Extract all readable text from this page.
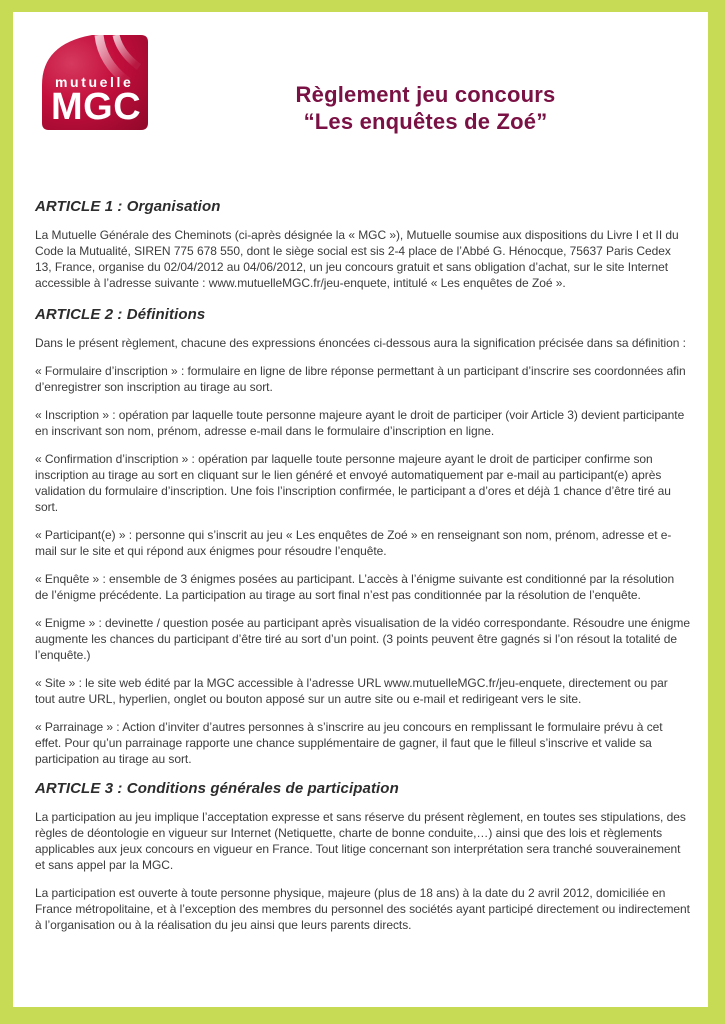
mutuelle
MGC	Règlement jeu concours
“Les enquêtes de Zoé”
ARTICLE 1 : Organisation

La Mutuelle Générale des Cheminots (ci-après désignée la « MGC »), Mutuelle soumise aux dispositions du Livre I et II du Code la Mutualité, SIREN 775 678 550, dont le siège social est sis 2-4 place de l’Abbé G. Hénocque, 75637 Paris Cedex 13, France, organise du 02/04/2012 au 04/06/2012, un jeu concours gratuit et sans obligation d’achat, sur le site Internet accessible à l’adresse suivante : www.mutuelleMGC.fr/jeu-enquete, intitulé « Les enquêtes de Zoé ».

ARTICLE 2 : Définitions

Dans le présent règlement, chacune des expressions énoncées ci-dessous aura la signification précisée dans sa définition :

« Formulaire d’inscription » : formulaire en ligne de libre réponse permettant à un participant d’inscrire ses coordonnées afin d’enregistrer son inscription au tirage au sort.

« Inscription » : opération par laquelle toute personne majeure ayant le droit de participer (voir Article 3) devient participante en inscrivant son nom, prénom, adresse e-mail dans le formulaire d’inscription en ligne.

« Confirmation d’inscription » : opération par laquelle toute personne majeure ayant le droit de participer confirme son inscription au tirage au sort en cliquant sur le lien généré et envoyé automatiquement par e-mail au participant(e) après validation du formulaire d’inscription. Une fois l’inscription confirmée, le participant a d’ores et déjà 1 chance d’être tiré au sort.

« Participant(e) » : personne qui s’inscrit au jeu « Les enquêtes de Zoé » en renseignant son nom, prénom, adresse et e-mail sur le site et qui répond aux énigmes pour résoudre l’enquête.

« Enquête » : ensemble de 3 énigmes posées au participant. L’accès à l’énigme suivante est conditionné par la résolution de l’énigme précédente. La participation au tirage au sort final n’est pas conditionnée par la résolution de l’enquête.

« Enigme » : devinette / question posée au participant après visualisation de la vidéo correspondante. Résoudre une énigme augmente les chances du participant d’être tiré au sort d’un point. (3 points peuvent être gagnés si l’on résout la totalité de l’enquête.)

« Site » : le site web édité par la MGC accessible à l’adresse URL www.mutuelleMGC.fr/jeu-enquete, directement ou par tout autre URL, hyperlien, onglet ou bouton apposé sur un autre site ou e-mail et redirigeant vers le site.

« Parrainage » : Action d’inviter d’autres personnes à s’inscrire au jeu concours en remplissant le formulaire prévu à cet effet. Pour qu’un parrainage rapporte une chance supplémentaire de gagner, il faut que le filleul s’inscrive et valide sa participation au tirage au sort.

ARTICLE 3 : Conditions générales de participation

La participation au jeu implique l’acceptation expresse et sans réserve du présent règlement, en toutes ses stipulations, des règles de déontologie en vigueur sur Internet (Netiquette, charte de bonne conduite,…) ainsi que des lois et règlements applicables aux jeux concours en vigueur en France. Tout litige concernant son interprétation sera tranché souverainement et sans appel par la MGC.

La participation est ouverte à toute personne physique, majeure (plus de 18 ans) à la date du 2 avril 2012, domiciliée en France métropolitaine, et à l’exception des membres du personnel des sociétés ayant participé directement ou indirectement à l’organisation ou à la réalisation du jeu ainsi que leurs parents directs.
